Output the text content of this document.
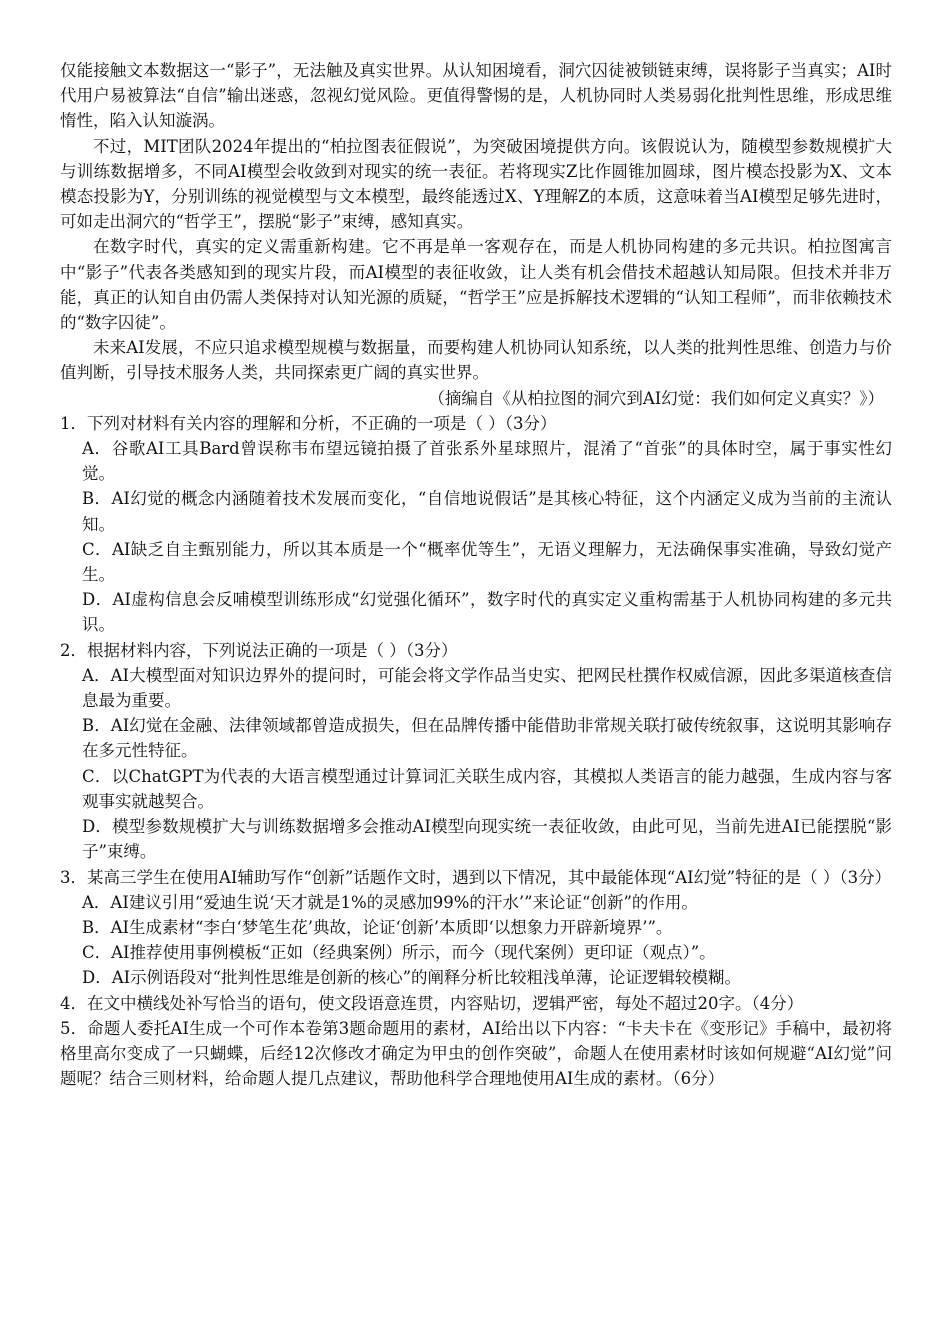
仅能接触文本数据这一“影子”，无法触及真实世界。从认知困境看，洞穴囚徒被锁链束缚，误将影子当真实；AI时代用户易被算法“自信”输出迷惑，忽视幻觉风险。更值得警惕的是，人机协同时人类易弱化批判性思维，形成思维惰性，陷入认知漩涡。

不过，MIT团队2024年提出的“柏拉图表征假说”，为突破困境提供方向。该假说认为，随模型参数规模扩大与训练数据增多，不同AI模型会收敛到对现实的统一表征。若将现实Z比作圆锥加圆球，图片模态投影为X、文本模态投影为Y，分别训练的视觉模型与文本模型，最终能透过X、Y理解Z的本质，这意味着当AI模型足够先进时，可如走出洞穴的“哲学王”，摆脱“影子”束缚，感知真实。

在数字时代，真实的定义需重新构建。它不再是单一客观存在，而是人机协同构建的多元共识。柏拉图寓言中“影子”代表各类感知到的现实片段，而AI模型的表征收敛，让人类有机会借技术超越认知局限。但技术并非万能，真正的认知自由仍需人类保持对认知光源的质疑，“哲学王”应是拆解技术逻辑的“认知工程师”，而非依赖技术的“数字囚徒”。

未来AI发展，不应只追求模型规模与数据量，而要构建人机协同认知系统，以人类的批判性思维、创造力与价值判断，引导技术服务人类，共同探索更广阔的真实世界。

（摘编自《从柏拉图的洞穴到AI幻觉：我们如何定义真实？》）

1．下列对材料有关内容的理解和分析，不正确的一项是（ ）（3分）

A．谷歌AI工具Bard曾误称韦布望远镜拍摄了首张系外星球照片，混淆了“首张”的具体时空，属于事实性幻觉。

B．AI幻觉的概念内涵随着技术发展而变化，“自信地说假话”是其核心特征，这个内涵定义成为当前的主流认知。

C．AI缺乏自主甄别能力，所以其本质是一个“概率优等生”，无语义理解力，无法确保事实准确，导致幻觉产生。

D．AI虚构信息会反哺模型训练形成“幻觉强化循环”，数字时代的真实定义重构需基于人机协同构建的多元共识。

2．根据材料内容，下列说法正确的一项是（ ）（3分）

A．AI大模型面对知识边界外的提问时，可能会将文学作品当史实、把网民杜撰作权威信源，因此多渠道核查信息最为重要。

B．AI幻觉在金融、法律领域都曾造成损失，但在品牌传播中能借助非常规关联打破传统叙事，这说明其影响存在多元性特征。

C．以ChatGPT为代表的大语言模型通过计算词汇关联生成内容，其模拟人类语言的能力越强，生成内容与客观事实就越契合。

D．模型参数规模扩大与训练数据增多会推动AI模型向现实统一表征收敛，由此可见，当前先进AI已能摆脱“影子”束缚。

3．某高三学生在使用AI辅助写作“创新”话题作文时，遇到以下情况，其中最能体现“AI幻觉”特征的是（ ）（3分）

A．AI建议引用“爱迪生说‘天才就是1%的灵感加99%的汗水’”来论证“创新”的作用。

B．AI生成素材“李白‘梦笔生花’典故，论证‘创新’本质即‘以想象力开辟新境界’”。

C．AI推荐使用事例模板“正如（经典案例）所示，而今（现代案例）更印证（观点）”。

D．AI示例语段对“批判性思维是创新的核心”的阐释分析比较粗浅单薄，论证逻辑较模糊。

4．在文中横线处补写恰当的语句，使文段语意连贯，内容贴切，逻辑严密，每处不超过20字。（4分）

5．命题人委托AI生成一个可作本卷第3题命题用的素材，AI给出以下内容：“卡夫卡在《变形记》手稿中，最初将格里高尔变成了一只蝴蝶，后经12次修改才确定为甲虫的创作突破”，命题人在使用素材时该如何规避“AI幻觉”问题呢？结合三则材料，给命题人提几点建议，帮助他科学合理地使用AI生成的素材。（6分）
